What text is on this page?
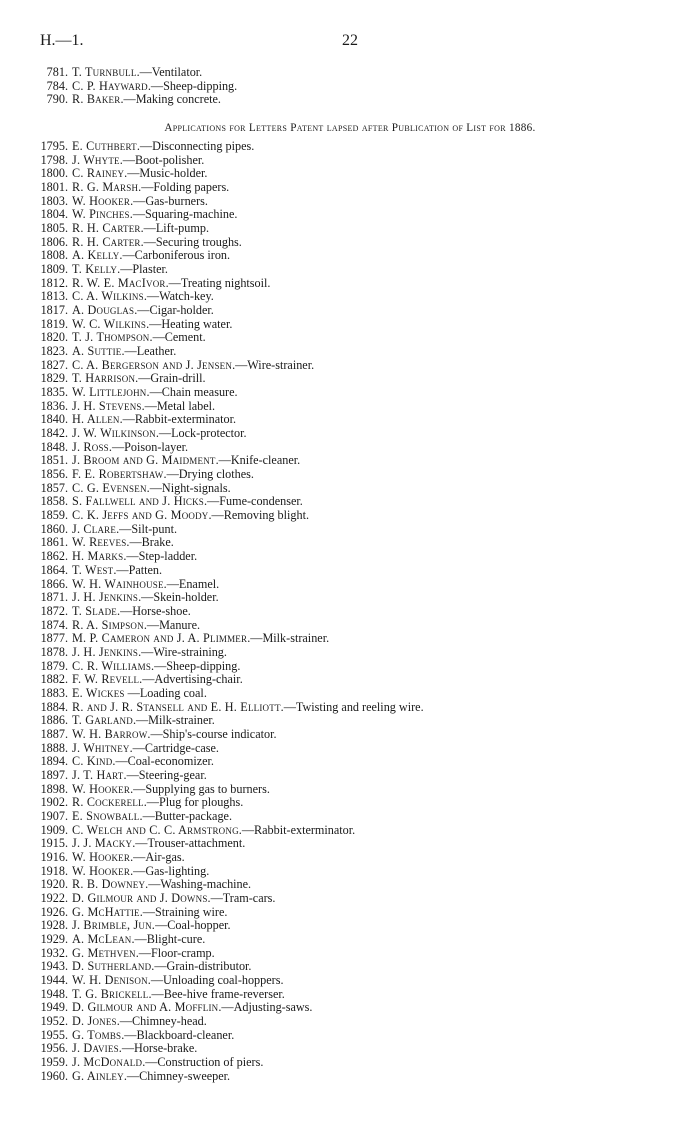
H.—1.	22
781. T. Turnbull.—Ventilator.
784. C. P. Hayward.—Sheep-dipping.
790. R. Baker.—Making concrete.
Applications for Letters Patent lapsed after Publication of List for 1886.
1795. E. Cuthbert.—Disconnecting pipes.
1798. J. Whyte.—Boot-polisher.
1800. C. Rainey.—Music-holder.
1801. R. G. Marsh.—Folding papers.
1803. W. Hooker.—Gas-burners.
1804. W. Pinches.—Squaring-machine.
1805. R. H. Carter.—Lift-pump.
1806. R. H. Carter.—Securing troughs.
1808. A. Kelly.—Carboniferous iron.
1809. T. Kelly.—Plaster.
1812. R. W. E. MacIvor.—Treating nightsoil.
1813. C. A. Wilkins.—Watch-key.
1817. A. Douglas.—Cigar-holder.
1819. W. C. Wilkins.—Heating water.
1820. T. J. Thompson.—Cement.
1823. A. Suttie.—Leather.
1827. C. A. Bergerson and J. Jensen.—Wire-strainer.
1829. T. Harrison.—Grain-drill.
1835. W. Littlejohn.—Chain measure.
1836. J. H. Stevens.—Metal label.
1840. H. Allen.—Rabbit-exterminator.
1842. J. W. Wilkinson.—Lock-protector.
1848. J. Ross.—Poison-layer.
1851. J. Broom and G. Maidment.—Knife-cleaner.
1856. F. E. Robertshaw.—Drying clothes.
1857. C. G. Evensen.—Night-signals.
1858. S. Fallwell and J. Hicks.—Fume-condenser.
1859. C. K. Jeffs and G. Moody.—Removing blight.
1860. J. Clare.—Silt-punt.
1861. W. Reeves.—Brake.
1862. H. Marks.—Step-ladder.
1864. T. West.—Patten.
1866. W. H. Wainhouse.—Enamel.
1871. J. H. Jenkins.—Skein-holder.
1872. T. Slade.—Horse-shoe.
1874. R. A. Simpson.—Manure.
1877. M. P. Cameron and J. A. Plimmer.—Milk-strainer.
1878. J. H. Jenkins.—Wire-straining.
1879. C. R. Williams.—Sheep-dipping.
1882. F. W. Revell.—Advertising-chair.
1883. E. Wickes —Loading coal.
1884. R. and J. R. Stansell and E. H. Elliott.—Twisting and reeling wire.
1886. T. Garland.—Milk-strainer.
1887. W. H. Barrow.—Ship's-course indicator.
1888. J. Whitney.—Cartridge-case.
1894. C. Kind.—Coal-economizer.
1897. J. T. Hart.—Steering-gear.
1898. W. Hooker.—Supplying gas to burners.
1902. R. Cockerell.—Plug for ploughs.
1907. E. Snowball.—Butter-package.
1909. C. Welch and C. C. Armstrong.—Rabbit-exterminator.
1915. J. J. Macky.—Trouser-attachment.
1916. W. Hooker.—Air-gas.
1918. W. Hooker.—Gas-lighting.
1920. R. B. Downey.—Washing-machine.
1922. D. Gilmour and J. Downs.—Tram-cars.
1926. G. McHattie.—Straining wire.
1928. J. Brimble, Jun.—Coal-hopper.
1929. A. McLean.—Blight-cure.
1932. G. Methven.—Floor-cramp.
1943. D. Sutherland.—Grain-distributor.
1944. W. H. Denison.—Unloading coal-hoppers.
1948. T. G. Brickell.—Bee-hive frame-reverser.
1949. D. Gilmour and A. Mofflin.—Adjusting-saws.
1952. D. Jones.—Chimney-head.
1955. G. Tombs.—Blackboard-cleaner.
1956. J. Davies.—Horse-brake.
1959. J. McDonald.—Construction of piers.
1960. G. Ainley.—Chimney-sweeper.
